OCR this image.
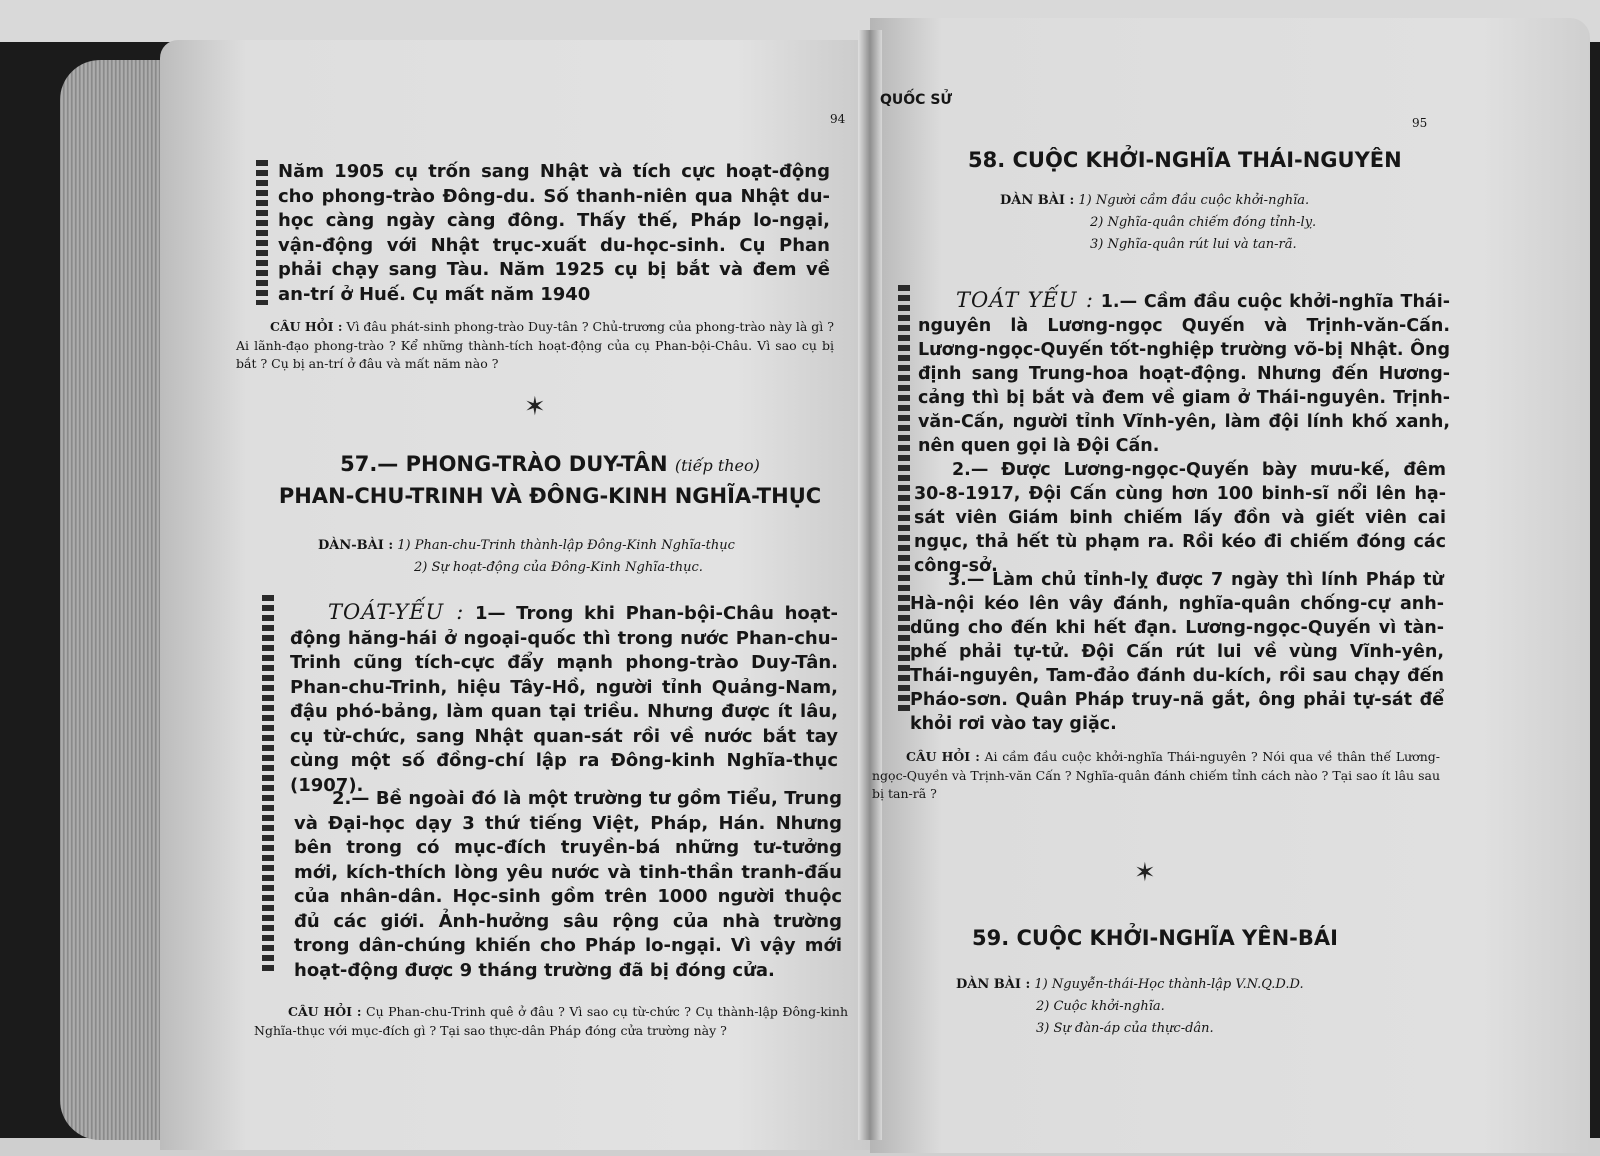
94
Năm 1905 cụ trốn sang Nhật và tích cực hoạt-động cho phong-trào Đông-du. Số thanh-niên qua Nhật du-học càng ngày càng đông. Thấy thế, Pháp lo-ngại, vận-động với Nhật trục-xuất du-học-sinh. Cụ Phan phải chạy sang Tàu. Năm 1925 cụ bị bắt và đem về an-trí ở Huế. Cụ mất năm 1940
CÂU HỎI : Vì đâu phát-sinh phong-trào Duy-tân ? Chủ-trương của phong-trào này là gì ? Ai lãnh-đạo phong-trào ? Kể những thành-tích hoạt-động của cụ Phan-bội-Châu. Vì sao cụ bị bắt ? Cụ bị an-trí ở đâu và mất năm nào ?
✶
57.— PHONG-TRÀO DUY-TÂN (tiếp theo)
PHAN-CHU-TRINH VÀ ĐÔNG-KINH NGHĨA-THỤC
DÀN-BÀI : 1) Phan-chu-Trinh thành-lập Đông-Kinh Nghĩa-thục
2) Sự hoạt-động của Đông-Kinh Nghĩa-thục.
TOÁT-YẾU : 1— Trong khi Phan-bội-Châu hoạt-động hăng-hái ở ngoại-quốc thì trong nước Phan-chu-Trinh cũng tích-cực đẩy mạnh phong-trào Duy-Tân. Phan-chu-Trinh, hiệu Tây-Hồ, người tỉnh Quảng-Nam, đậu phó-bảng, làm quan tại triều. Nhưng được ít lâu, cụ từ-chức, sang Nhật quan-sát rồi về nước bắt tay cùng một số đồng-chí lập ra Đông-kinh Nghĩa-thục (1907).
2.— Bề ngoài đó là một trường tư gồm Tiểu, Trung và Đại-học dạy 3 thứ tiếng Việt, Pháp, Hán. Nhưng bên trong có mục-đích truyền-bá những tư-tưởng mới, kích-thích lòng yêu nước và tinh-thần tranh-đấu của nhân-dân. Học-sinh gồm trên 1000 người thuộc đủ các giới. Ảnh-hưởng sâu rộng của nhà trường trong dân-chúng khiến cho Pháp lo-ngại. Vì vậy mới hoạt-động được 9 tháng trường đã bị đóng cửa.
CÂU HỎI : Cụ Phan-chu-Trinh quê ở đâu ? Vì sao cụ từ-chức ? Cụ thành-lập Đông-kinh Nghĩa-thục với mục-đích gì ? Tại sao thực-dân Pháp đóng cửa trường này ?
QUỐC SỬ
95
58. CUỘC KHỞI-NGHĨA THÁI-NGUYÊN
DÀN BÀI : 1) Người cầm đầu cuộc khởi-nghĩa.
2) Nghĩa-quân chiếm đóng tỉnh-lỵ.
3) Nghĩa-quân rút lui và tan-rã.
TOÁT YẾU : 1.— Cầm đầu cuộc khởi-nghĩa Thái-nguyên là Lương-ngọc Quyến và Trịnh-văn-Cấn. Lương-ngọc-Quyến tốt-nghiệp trường võ-bị Nhật. Ông định sang Trung-hoa hoạt-động. Nhưng đến Hương-cảng thì bị bắt và đem về giam ở Thái-nguyên. Trịnh-văn-Cấn, người tỉnh Vĩnh-yên, làm đội lính khố xanh, nên quen gọi là Đội Cấn.
2.— Được Lương-ngọc-Quyến bày mưu-kế, đêm 30-8-1917, Đội Cấn cùng hơn 100 binh-sĩ nổi lên hạ-sát viên Giám binh chiếm lấy đồn và giết viên cai ngục, thả hết tù phạm ra. Rồi kéo đi chiếm đóng các công-sở.
3.— Làm chủ tỉnh-lỵ được 7 ngày thì lính Pháp từ Hà-nội kéo lên vây đánh, nghĩa-quân chống-cự anh-dũng cho đến khi hết đạn. Lương-ngọc-Quyến vì tàn-phế phải tự-tử. Đội Cấn rút lui về vùng Vĩnh-yên, Thái-nguyên, Tam-đảo đánh du-kích, rồi sau chạy đến Pháo-sơn. Quân Pháp truy-nã gắt, ông phải tự-sát để khỏi rơi vào tay giặc.
CÂU HỎI : Ai cầm đầu cuộc khởi-nghĩa Thái-nguyên ? Nói qua về thân thế Lương-ngọc-Quyền và Trịnh-văn Cấn ? Nghĩa-quân đánh chiếm tỉnh cách nào ? Tại sao ít lâu sau bị tan-rã ?
✶
59. CUỘC KHỞI-NGHĨA YÊN-BÁI
DÀN BÀI : 1) Nguyễn-thái-Học thành-lập V.N.Q.D.D.
2) Cuộc khởi-nghĩa.
3) Sự đàn-áp của thực-dân.
